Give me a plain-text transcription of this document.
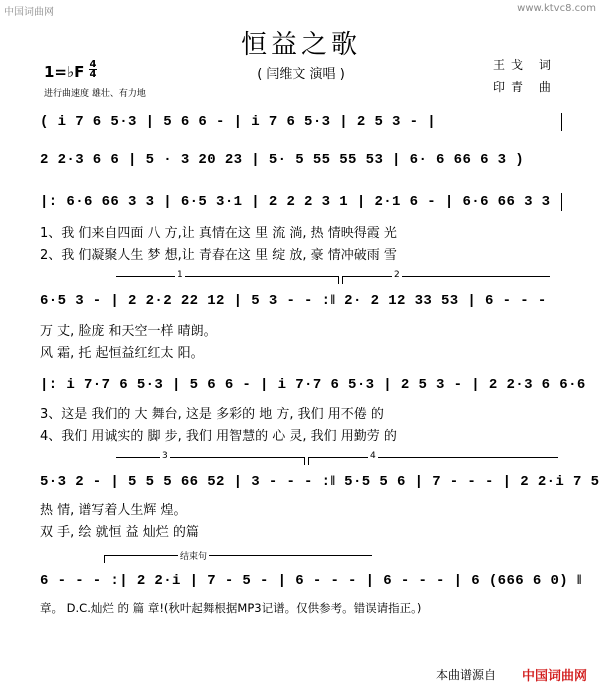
中国词曲网	www.ktvc8.com
恒益之歌
( 闫维文 演唱 )
1=♭F 4
4
进行曲速度 雄壮、有力地
王戈 词
印青 曲
( i 7 6 5·3 | 5 6 6 - | i 7 6 5·3 | 2 5 3 - |
2 2·3 6 6 | 5 · 3 20 23 | 5· 5 55 55 53 | 6· 6 66 6 3 )
|: 6·6 66 3 3 | 6·5 3·1 | 2 2 2 3 1 | 2·1 6 - | 6·6 66 3 3
1、我 们来自四面 八 方,让 真情在这 里 流 淌, 热 情映得霞 光
2、我 们凝聚人生 梦 想,让 青春在这 里 绽 放, 豪 情冲破雨 雪
1	2
6·5 3 - | 2 2·2 22 12 | 5 3 - - :‖ 2· 2 12 33 53 | 6 - - -
万 丈, 脸庞 和天空一样 晴朗。
风 霜, 托 起恒益红红太 阳。
|: i 7·7 6 5·3 | 5 6 6 - | i 7·7 6 5·3 | 2 5 3 - | 2 2·3 6 6·6
3、这是 我们的 大 舞台, 这是 多彩的 地 方, 我们 用不倦 的
4、我们 用诚实的 脚 步, 我们 用智慧的 心 灵, 我们 用勤劳 的
3	4
5·3 2 - | 5 5 5 66 52 | 3 - - - :‖ 5·5 5 6 | 7 - - - | 2 2·i 7 5
热 情, 谱写着人生辉 煌。
双 手, 绘 就恒 益 灿烂 的篇
结束句
6 - - - :| 2 2·i | 7 - 5 - | 6 - - - | 6 - - - | 6 (666 6 0) ‖
章。 D.C.灿烂 的 篇 章!(秋叶起舞根据MP3记谱。仅供参考。错误请指正。)
本曲谱源自 中国词曲网
